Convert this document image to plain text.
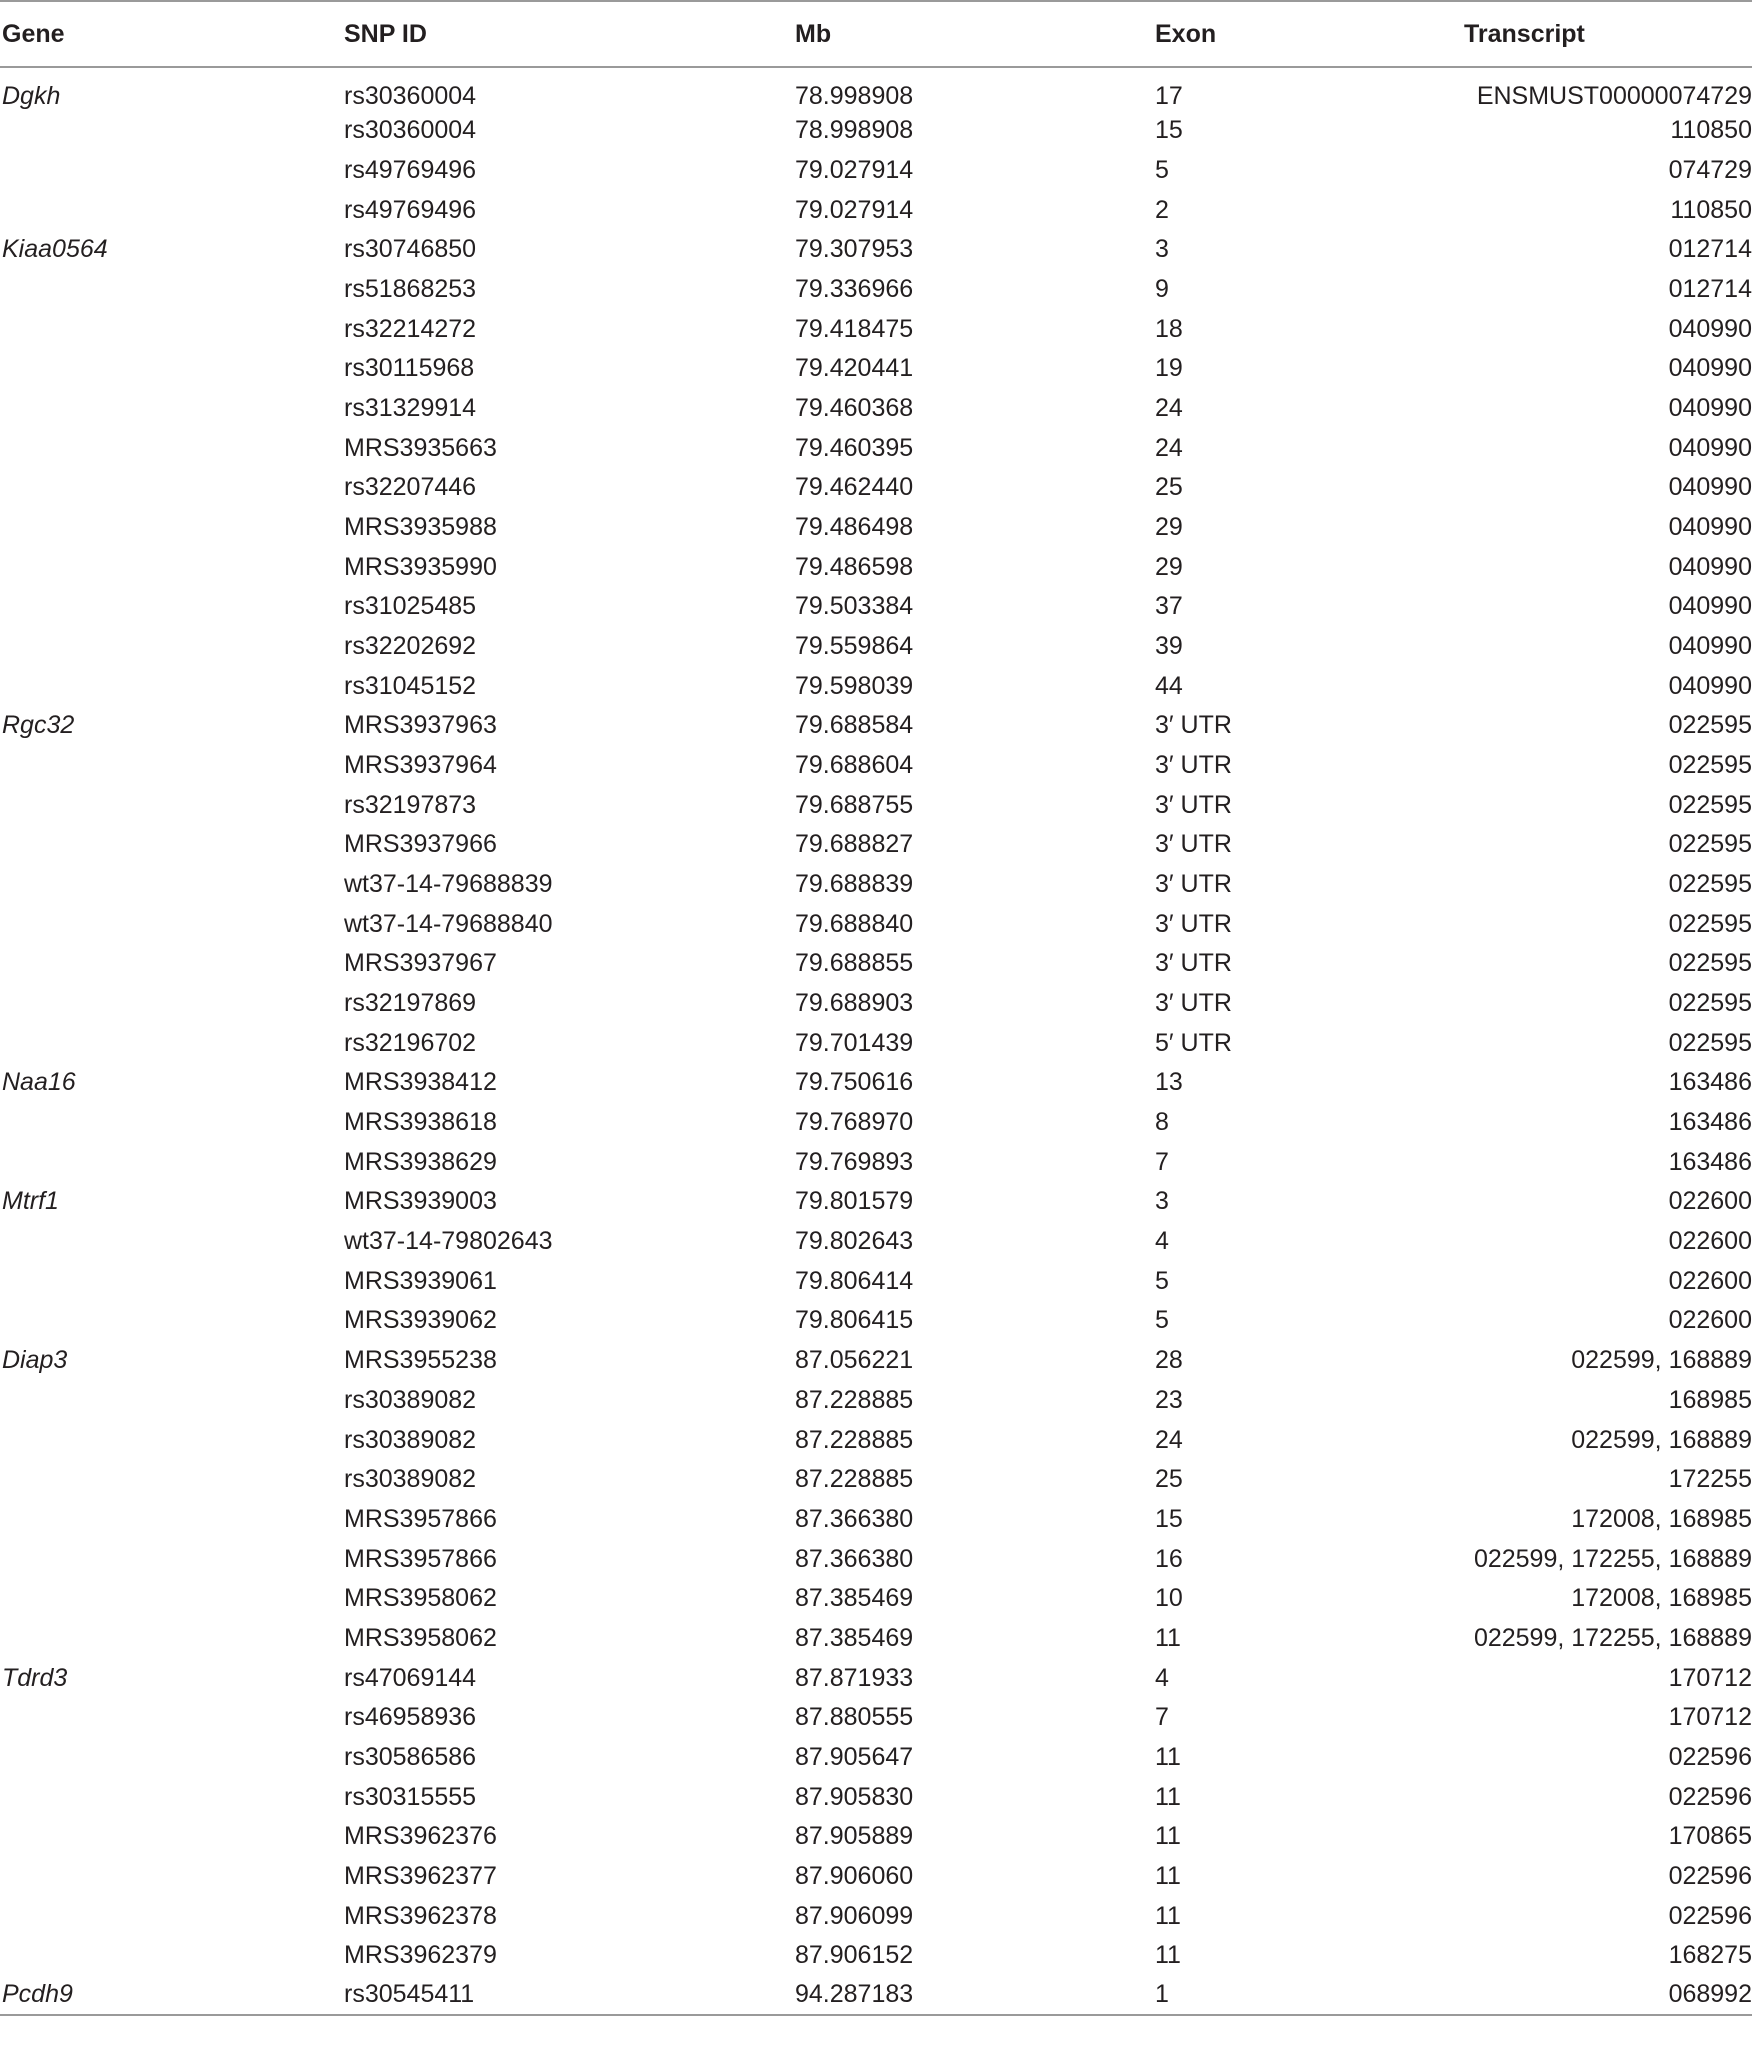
Gene	SNP ID	Mb	Exon	Transcript
Dgkh	rs30360004	78.998908	17	ENSMUST00000074729
	rs30360004	78.998908	15	110850
	rs49769496	79.027914	5	074729
	rs49769496	79.027914	2	110850
Kiaa0564	rs30746850	79.307953	3	012714
	rs51868253	79.336966	9	012714
	rs32214272	79.418475	18	040990
	rs30115968	79.420441	19	040990
	rs31329914	79.460368	24	040990
	MRS3935663	79.460395	24	040990
	rs32207446	79.462440	25	040990
	MRS3935988	79.486498	29	040990
	MRS3935990	79.486598	29	040990
	rs31025485	79.503384	37	040990
	rs32202692	79.559864	39	040990
	rs31045152	79.598039	44	040990
Rgc32	MRS3937963	79.688584	3′ UTR	022595
	MRS3937964	79.688604	3′ UTR	022595
	rs32197873	79.688755	3′ UTR	022595
	MRS3937966	79.688827	3′ UTR	022595
	wt37-14-79688839	79.688839	3′ UTR	022595
	wt37-14-79688840	79.688840	3′ UTR	022595
	MRS3937967	79.688855	3′ UTR	022595
	rs32197869	79.688903	3′ UTR	022595
	rs32196702	79.701439	5′ UTR	022595
Naa16	MRS3938412	79.750616	13	163486
	MRS3938618	79.768970	8	163486
	MRS3938629	79.769893	7	163486
Mtrf1	MRS3939003	79.801579	3	022600
	wt37-14-79802643	79.802643	4	022600
	MRS3939061	79.806414	5	022600
	MRS3939062	79.806415	5	022600
Diap3	MRS3955238	87.056221	28	022599, 168889
	rs30389082	87.228885	23	168985
	rs30389082	87.228885	24	022599, 168889
	rs30389082	87.228885	25	172255
	MRS3957866	87.366380	15	172008, 168985
	MRS3957866	87.366380	16	022599, 172255, 168889
	MRS3958062	87.385469	10	172008, 168985
	MRS3958062	87.385469	11	022599, 172255, 168889
Tdrd3	rs47069144	87.871933	4	170712
	rs46958936	87.880555	7	170712
	rs30586586	87.905647	11	022596
	rs30315555	87.905830	11	022596
	MRS3962376	87.905889	11	170865
	MRS3962377	87.906060	11	022596
	MRS3962378	87.906099	11	022596
	MRS3962379	87.906152	11	168275
Pcdh9	rs30545411	94.287183	1	068992
